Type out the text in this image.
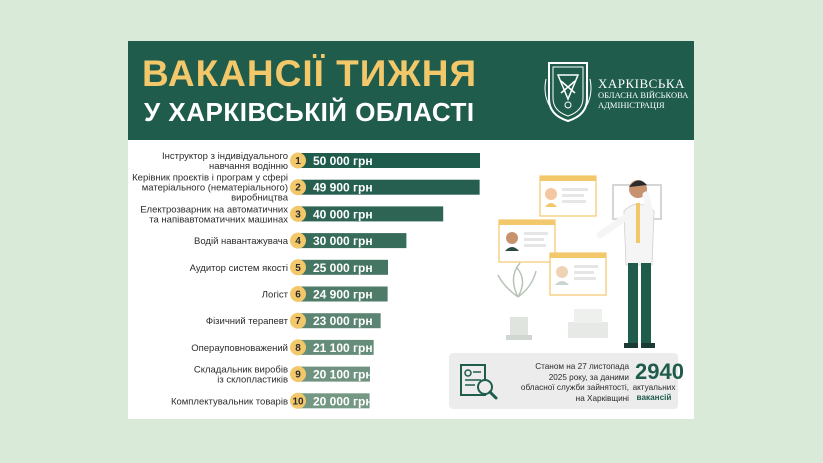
ВАКАНСІЇ ТИЖНЯ
У ХАРКІВСЬКІЙ ОБЛАСТІ
ХАРКІВСЬКА
ОБЛАСНА ВІЙСЬКОВА
АДМІНІСТРАЦІЯ
1 50 000 грн
Інструктор з індивідуального навчання водінню
2 49 900 грн
Керівник проєктів і програм у сфері матеріального (нематеріального) виробництва
3 40 000 грн
Електрозварник на автоматичних та напівавтоматичних машинах
4 30 000 грн
Водій навантажувача
5 25 000 грн
Аудитор систем якості
6 24 900 грн
Логіст
7 23 000 грн
Фізичний терапевт
8 21 100 грн
Операуповноважений
9 20 100 грн
Складальник виробів із склопластиків
10 20 000 грн
Комплектувальник товарів
Станом на 27 листопада
2025 року, за даними
обласної служби зайнятості,
на Харківщині
2940
актуальних
вакансій
